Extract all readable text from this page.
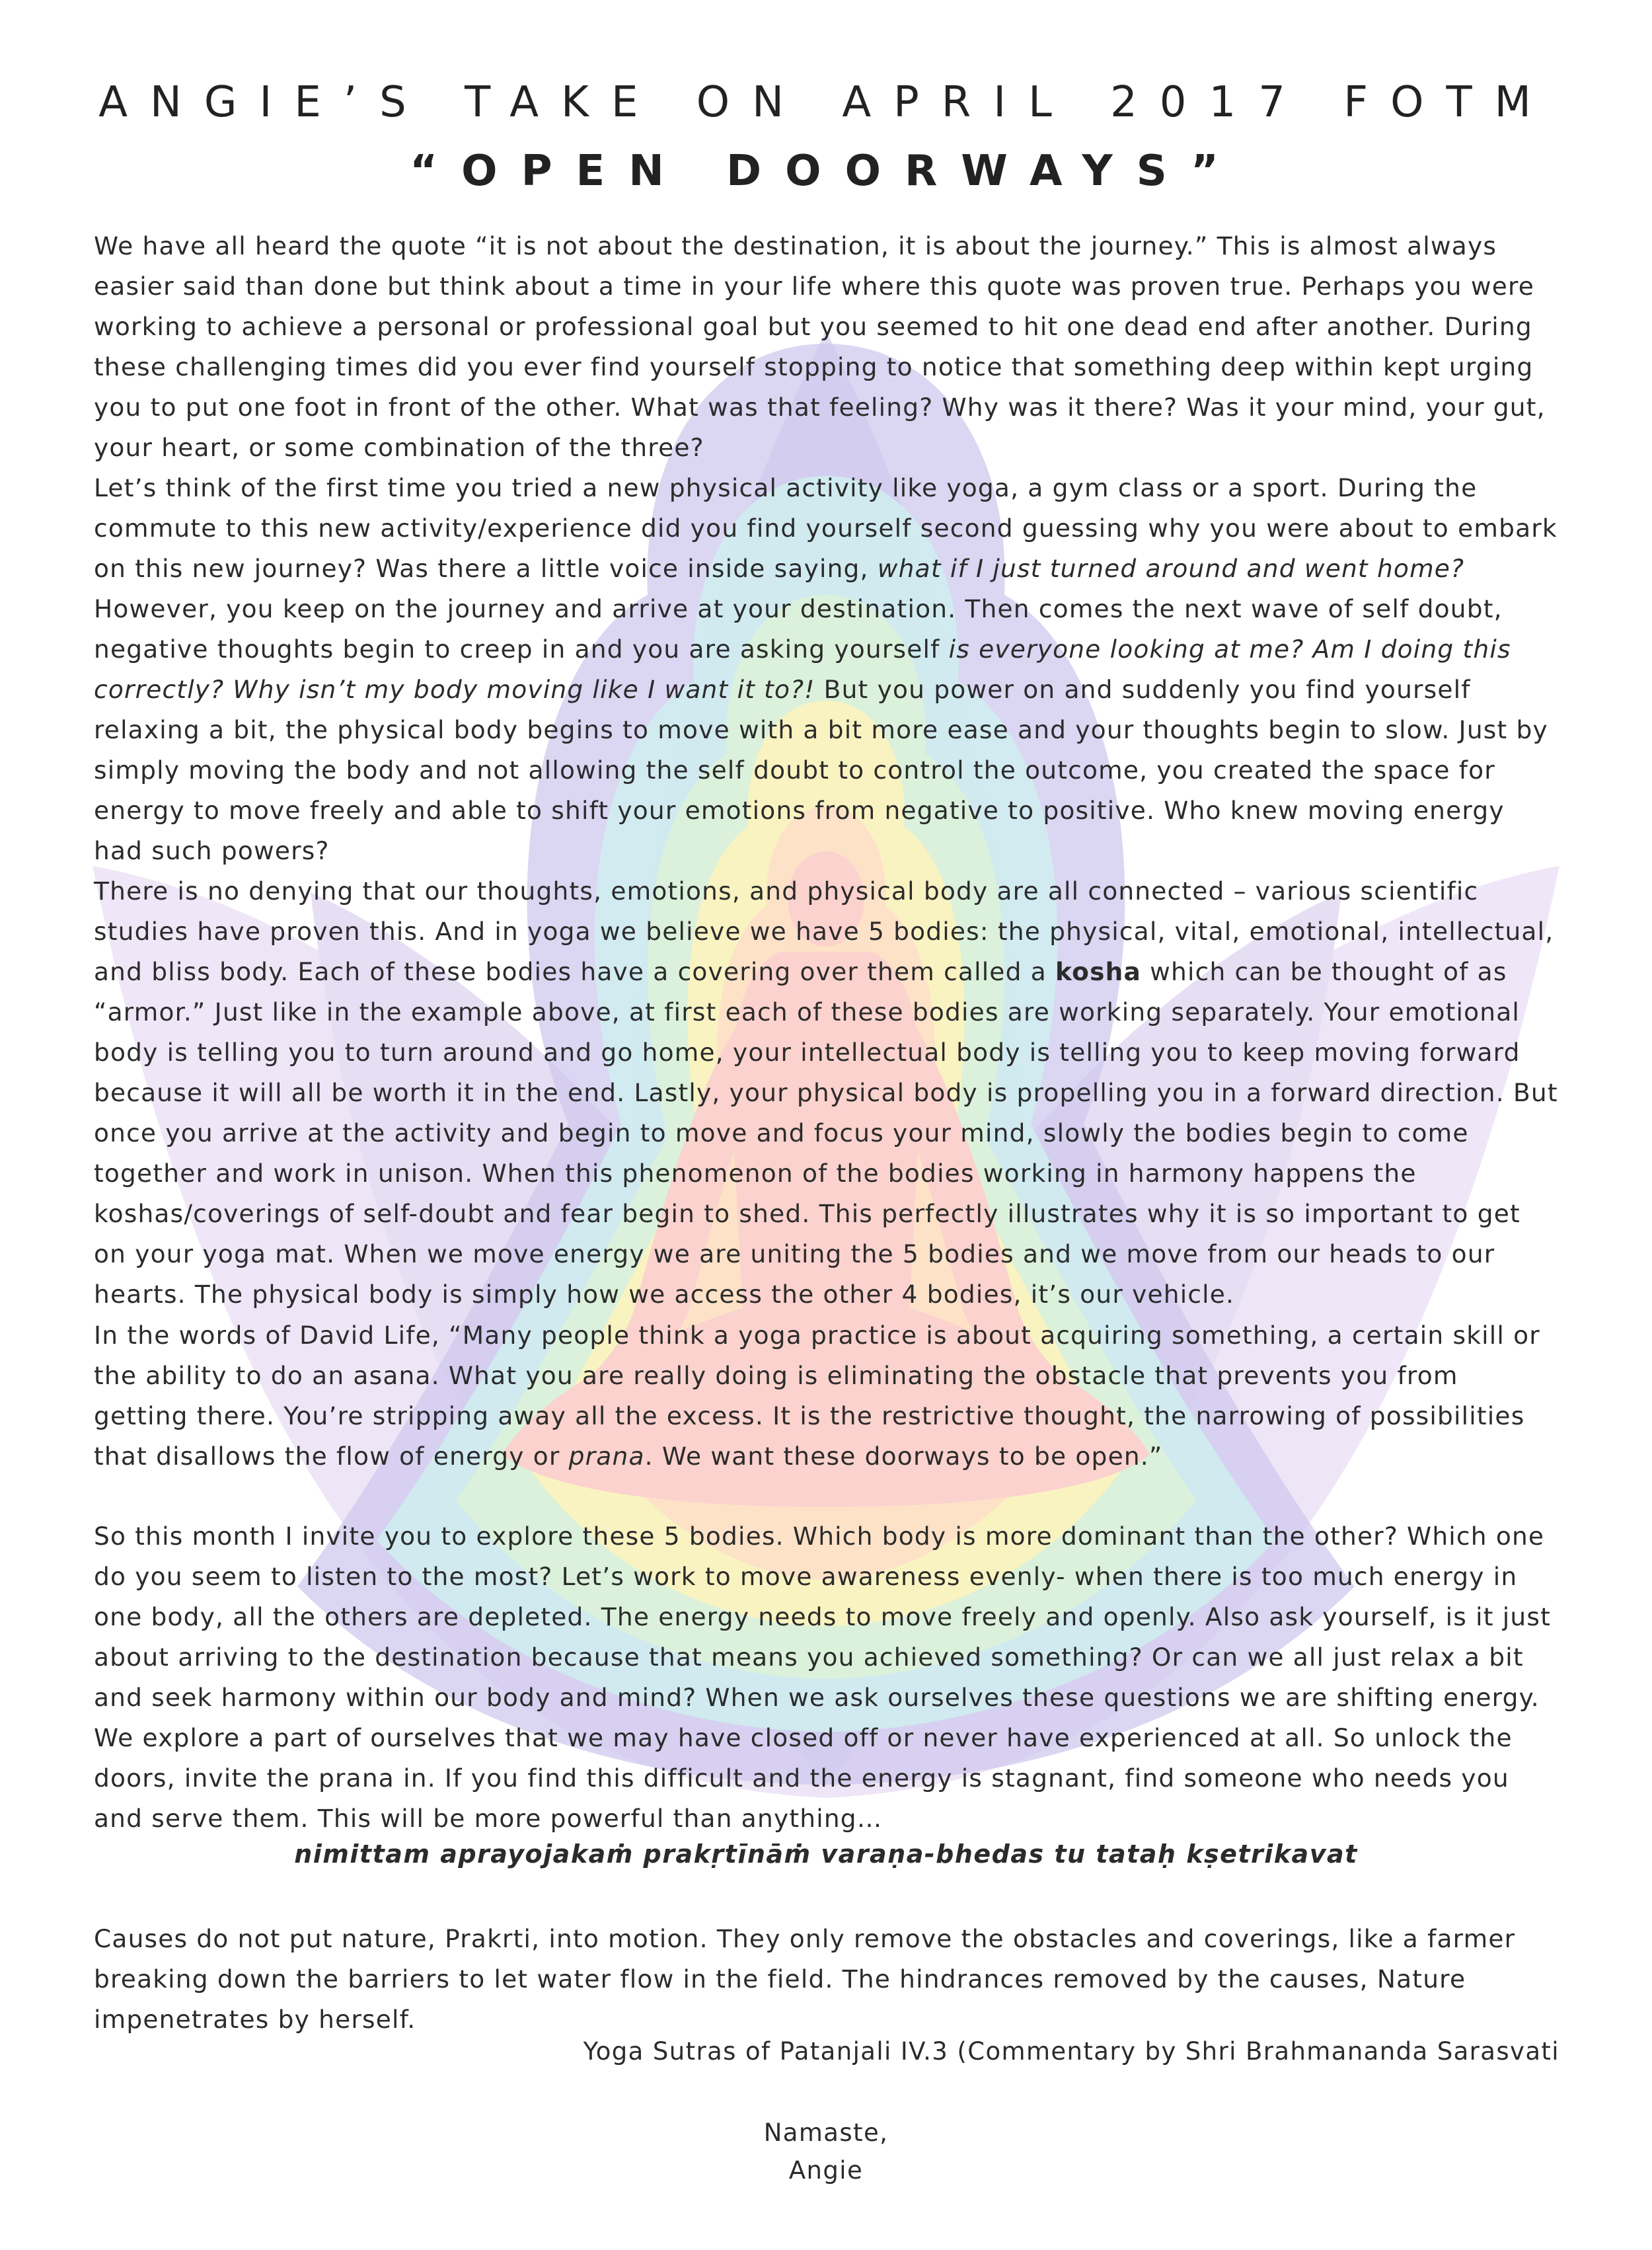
ANGIE’S TAKE ON APRIL 2017 FOTM
“OPEN DOORWAYS”

We have all heard the quote “it is not about the destination, it is about the journey.” This is almost always easier said than done but think about a time in your life where this quote was proven true. Perhaps you were working to achieve a personal or professional goal but you seemed to hit one dead end after another. During these challenging times did you ever find yourself stopping to notice that something deep within kept urging you to put one foot in front of the other. What was that feeling? Why was it there? Was it your mind, your gut, your heart, or some combination of the three?

Let’s think of the first time you tried a new physical activity like yoga, a gym class or a sport. During the commute to this new activity/experience did you find yourself second guessing why you were about to embark on this new journey? Was there a little voice inside saying, what if I just turned around and went home? However, you keep on the journey and arrive at your destination. Then comes the next wave of self doubt, negative thoughts begin to creep in and you are asking yourself is everyone looking at me? Am I doing this correctly? Why isn’t my body moving like I want it to?! But you power on and suddenly you find yourself relaxing a bit, the physical body begins to move with a bit more ease and your thoughts begin to slow. Just by simply moving the body and not allowing the self doubt to control the outcome, you created the space for energy to move freely and able to shift your emotions from negative to positive. Who knew moving energy had such powers?

There is no denying that our thoughts, emotions, and physical body are all connected – various scientific studies have proven this. And in yoga we believe we have 5 bodies: the physical, vital, emotional, intellectual, and bliss body. Each of these bodies have a covering over them called a kosha which can be thought of as “armor.” Just like in the example above, at first each of these bodies are working separately. Your emotional body is telling you to turn around and go home, your intellectual body is telling you to keep moving forward because it will all be worth it in the end. Lastly, your physical body is propelling you in a forward direction. But once you arrive at the activity and begin to move and focus your mind, slowly the bodies begin to come together and work in unison. When this phenomenon of the bodies working in harmony happens the koshas/coverings of self-doubt and fear begin to shed. This perfectly illustrates why it is so important to get on your yoga mat. When we move energy we are uniting the 5 bodies and we move from our heads to our hearts. The physical body is simply how we access the other 4 bodies, it’s our vehicle.

In the words of David Life, “Many people think a yoga practice is about acquiring something, a certain skill or the ability to do an asana. What you are really doing is eliminating the obstacle that prevents you from getting there. You’re stripping away all the excess. It is the restrictive thought, the narrowing of possibilities that disallows the flow of energy or prana. We want these doorways to be open.”

So this month I invite you to explore these 5 bodies. Which body is more dominant than the other? Which one do you seem to listen to the most? Let’s work to move awareness evenly- when there is too much energy in one body, all the others are depleted. The energy needs to move freely and openly. Also ask yourself, is it just about arriving to the destination because that means you achieved something? Or can we all just relax a bit and seek harmony within our body and mind? When we ask ourselves these questions we are shifting energy. We explore a part of ourselves that we may have closed off or never have experienced at all. So unlock the doors, invite the prana in. If you find this difficult and the energy is stagnant, find someone who needs you and serve them. This will be more powerful than anything…

nimittam aprayojakaṁ prakṛtīnāṁ varaṇa-bhedas tu tataḥ kṣetrikavat

Causes do not put nature, Prakrti, into motion. They only remove the obstacles and coverings, like a farmer breaking down the barriers to let water flow in the field. The hindrances removed by the causes, Nature impenetrates by herself.

Yoga Sutras of Patanjali IV.3 (Commentary by Shri Brahmananda Sarasvati

Namaste,

Angie
